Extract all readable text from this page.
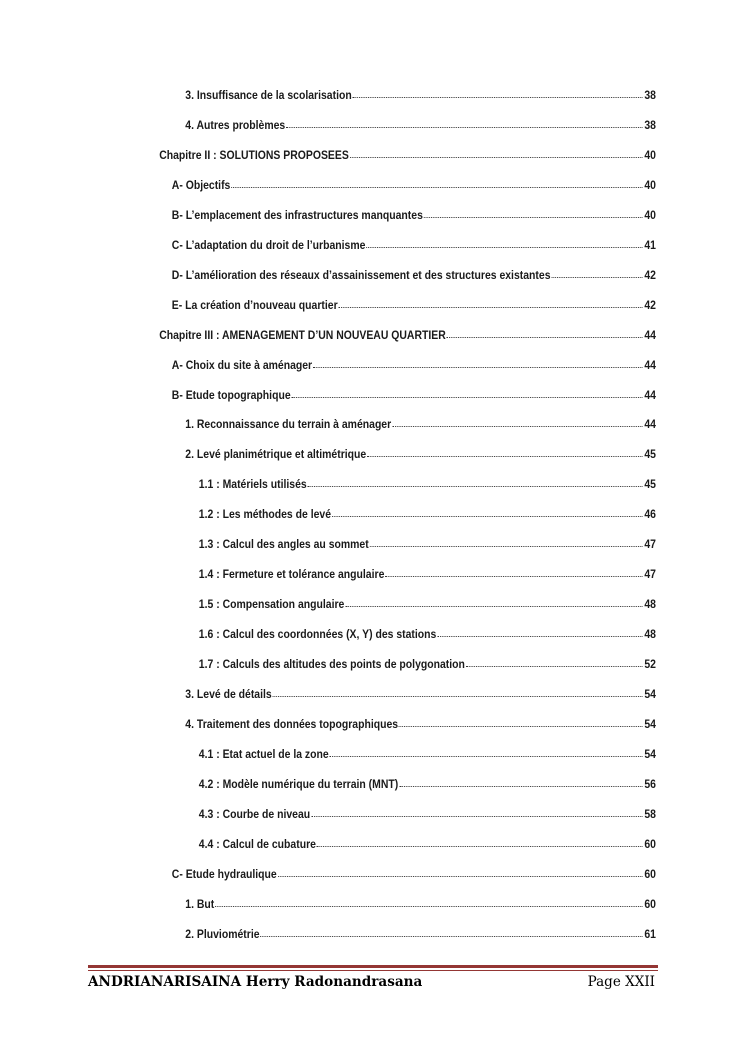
3. Insuffisance de la scolarisation	38
4. Autres problèmes	38
Chapitre II : SOLUTIONS PROPOSEES	40
A- Objectifs	40
B- L’emplacement des infrastructures manquantes	40
C- L’adaptation du droit de l’urbanisme	41
D- L’amélioration des réseaux d’assainissement et des structures existantes	42
E- La création d’nouveau quartier	42
Chapitre III : AMENAGEMENT D’UN NOUVEAU QUARTIER	44
A- Choix du site à aménager	44
B- Etude topographique	44
1. Reconnaissance du terrain à aménager	44
2. Levé planimétrique et altimétrique	45
1.1 : Matériels utilisés	45
1.2 : Les méthodes de levé	46
1.3 : Calcul des angles au sommet	47
1.4 : Fermeture et tolérance angulaire	47
1.5 : Compensation angulaire	48
1.6 : Calcul des coordonnées (X, Y) des stations	48
1.7 : Calculs des altitudes des points de polygonation	52
3. Levé de détails	54
4. Traitement des données topographiques	54
4.1 : Etat actuel de la zone	54
4.2 : Modèle numérique du terrain (MNT)	56
4.3 : Courbe de niveau	58
4.4 : Calcul de cubature	60
C- Etude hydraulique	60
1. But	60
2. Pluviométrie	61
ANDRIANARISAINA Herry Radonandrasana	Page XXII
